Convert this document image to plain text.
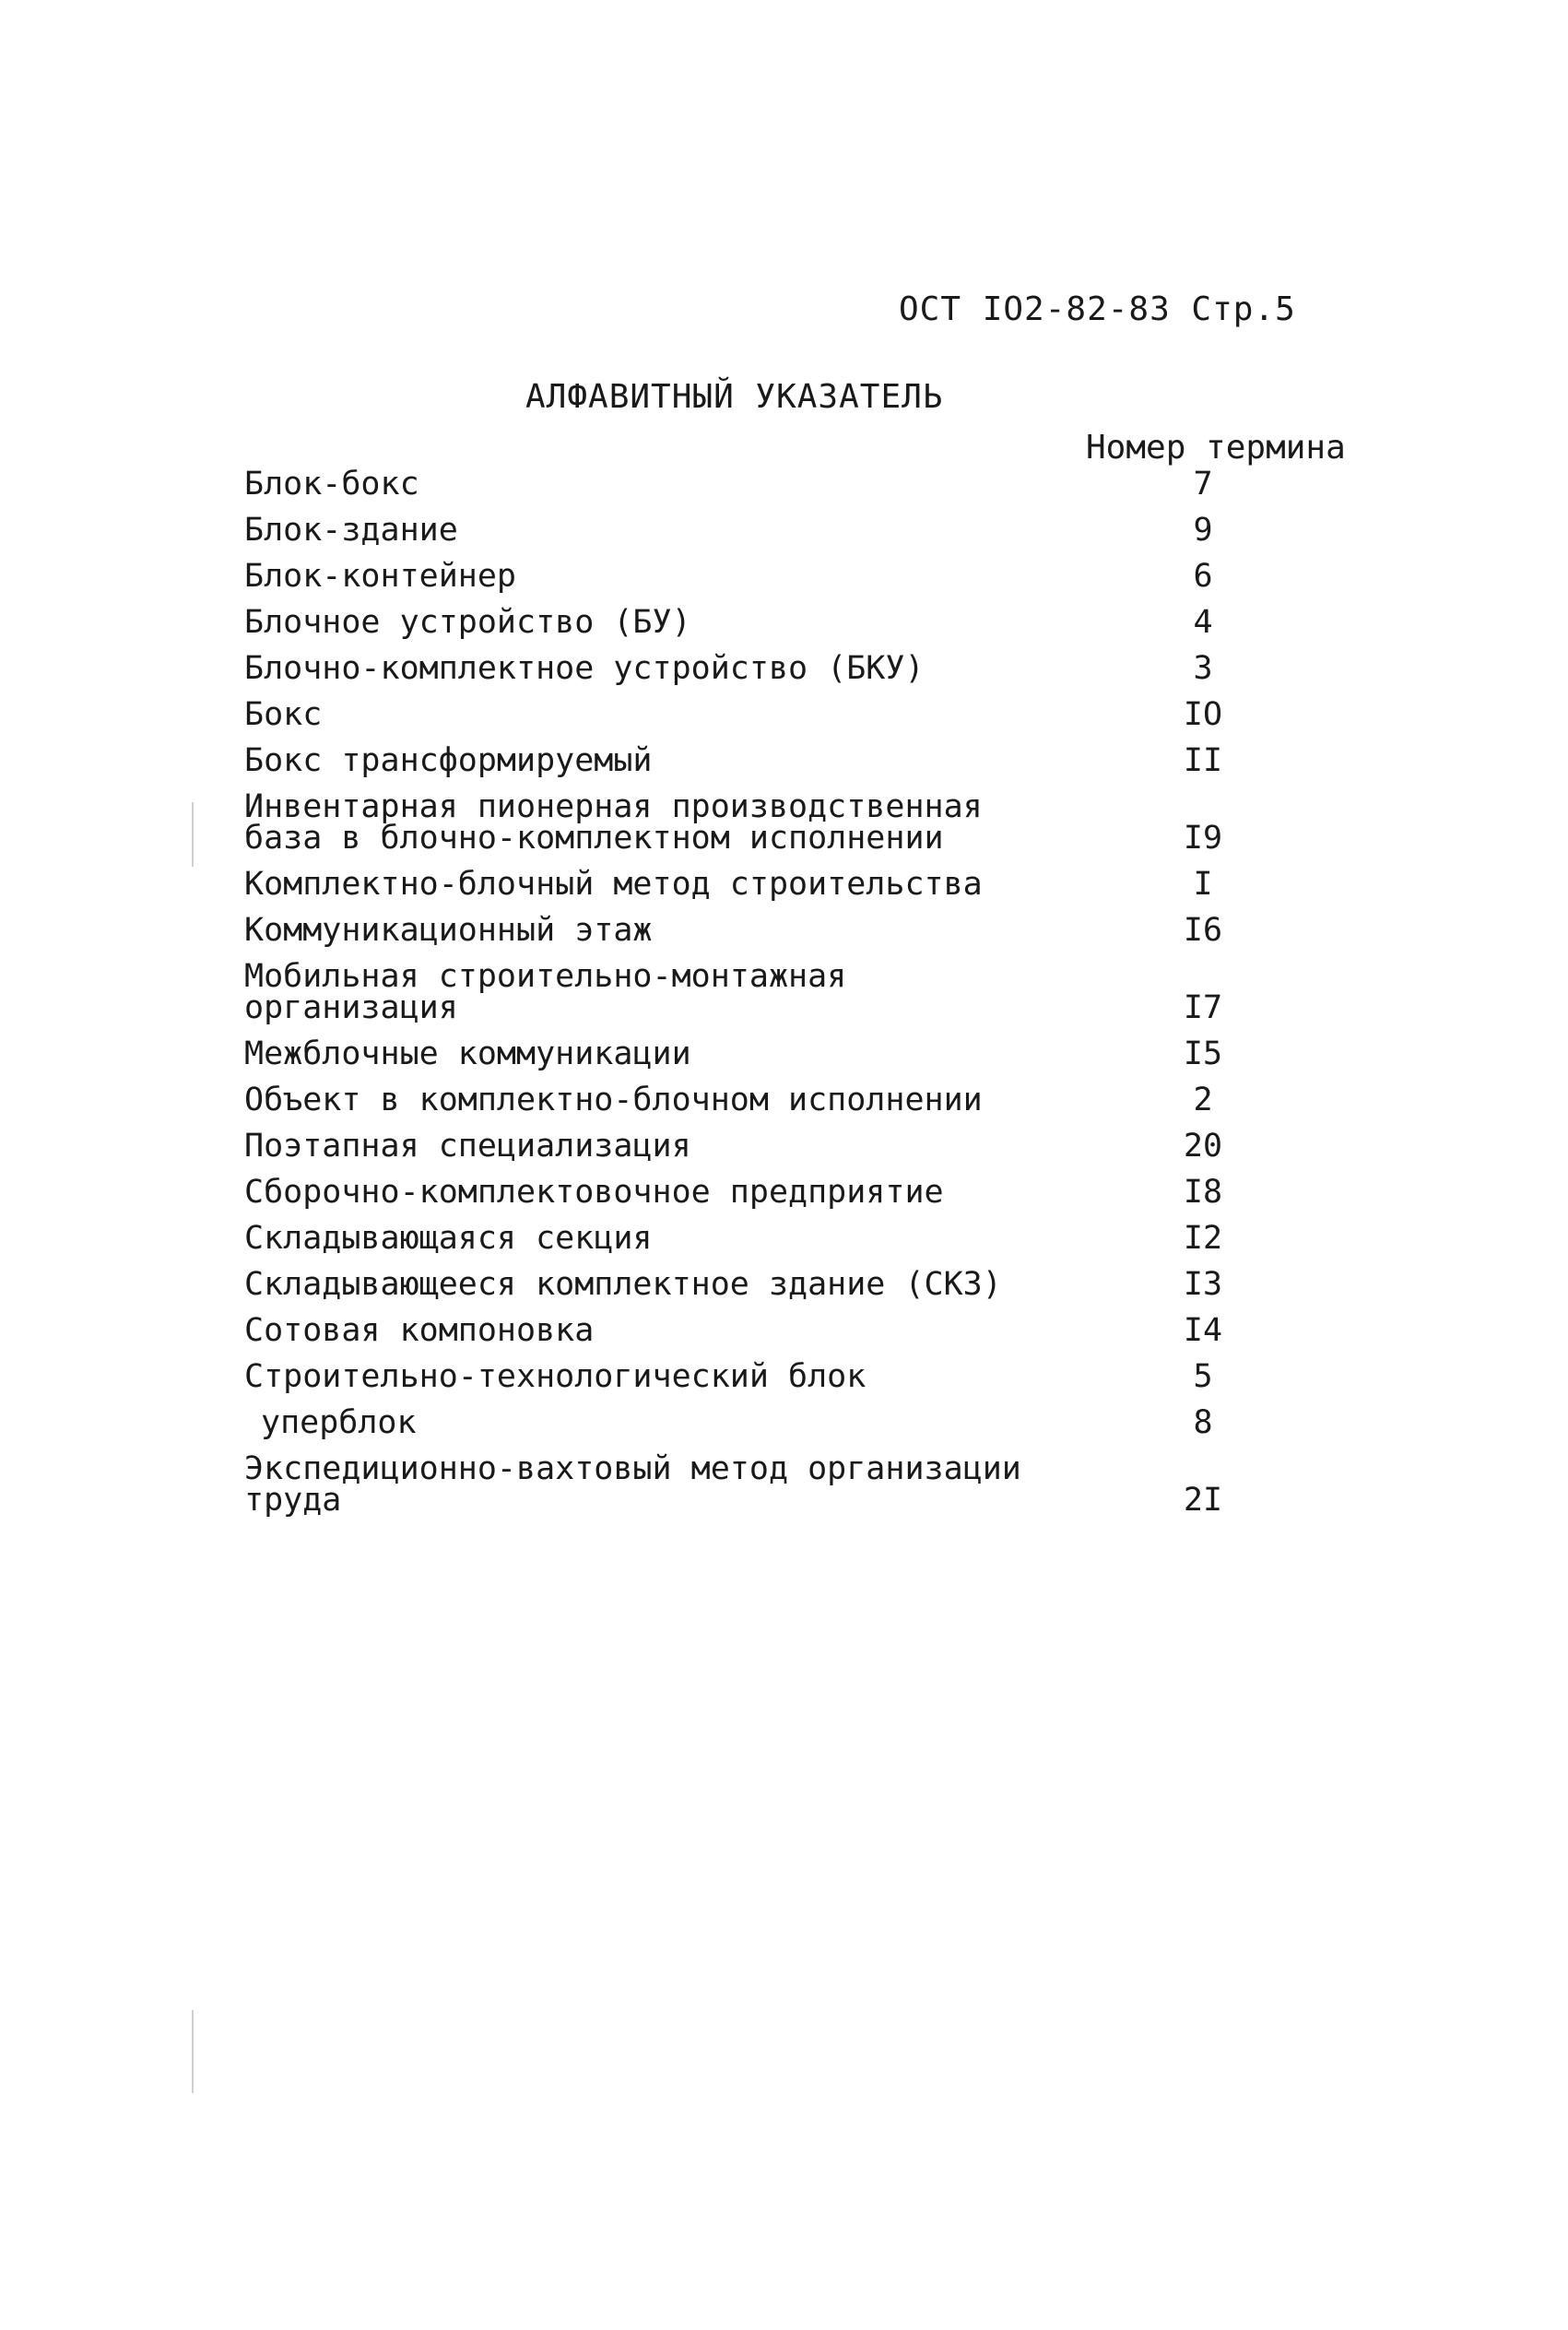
ОСТ IО2-82-83 Стр.5
АЛФАВИТНЫЙ УКАЗАТЕЛЬ
Номер термина
Блок-бокс	7
Блок-здание	9
Блок-контейнер	6
Блочное устройство (БУ)	4
Блочно-комплектное устройство (БКУ)	3
Бокс	IО
Бокс трансформируемый	II
Инвентарная пионерная производственная
база в блочно-комплектном исполнении	I9
Комплектно-блочный метод строительства	I
Коммуникационный этаж	I6
Мобильная строительно-монтажная
организация	I7
Межблочные коммуникации	I5
Объект в комплектно-блочном исполнении	2
Поэтапная специализация	20
Сборочно-комплектовочное предприятие	I8
Складывающаяся секция	I2
Складывающееся комплектное здание (СКЗ)	I3
Сотовая компоновка	I4
Строительно-технологический блок	5
уперблок	8
Экспедиционно-вахтовый метод организации
труда	2I
